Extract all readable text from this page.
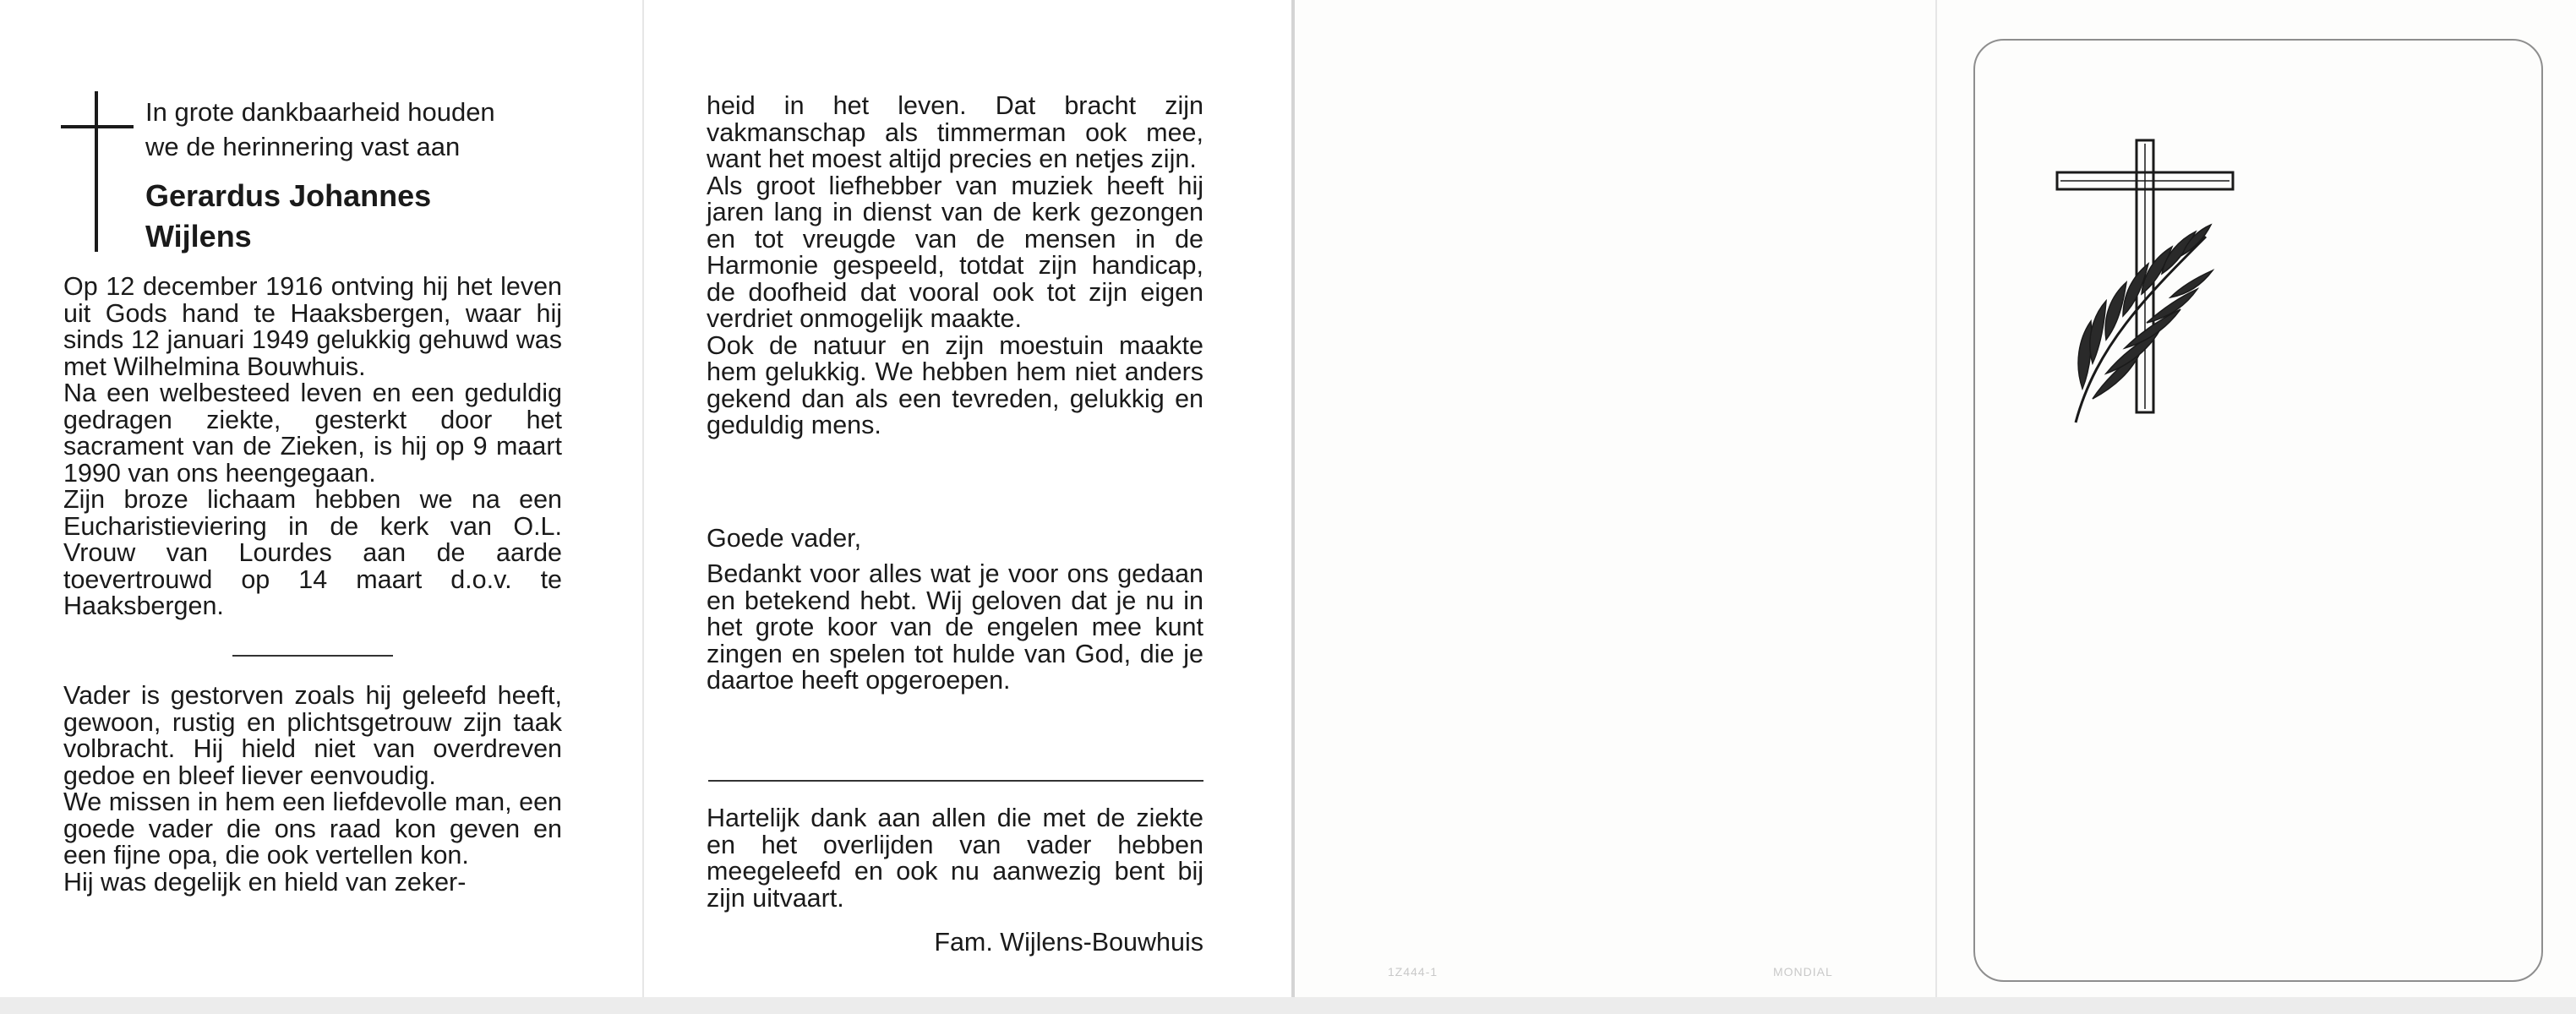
In grote dankbaarheid houden
we de herinnering vast aan
Gerardus Johannes
Wijlens

Op 12 december 1916 ontving hij het leven uit Gods hand te Haaksbergen, waar hij sinds 12 januari 1949 gelukkig gehuwd was met Wilhelmina Bouwhuis.

Na een welbesteed leven en een geduldig gedragen ziekte, gesterkt door het sacrament van de Zieken, is hij op 9 maart 1990 van ons heengegaan.

Zijn broze lichaam hebben we na een Eucharistieviering in de kerk van O.L. Vrouw van Lourdes aan de aarde toevertrouwd op 14 maart d.o.v. te Haaksbergen.

Vader is gestorven zoals hij geleefd heeft, gewoon, rustig en plichtsgetrouw zijn taak volbracht. Hij hield niet van overdreven gedoe en bleef liever eenvoudig.

We missen in hem een liefdevolle man, een goede vader die ons raad kon geven en een fijne opa, die ook vertellen kon.

Hij was degelijk en hield van zeker-

heid in het leven. Dat bracht zijn vakmanschap als timmerman ook mee, want het moest altijd precies en netjes zijn.

Als groot liefhebber van muziek heeft hij jaren lang in dienst van de kerk gezongen en tot vreugde van de mensen in de Harmonie gespeeld, totdat zijn handicap, de doofheid dat vooral ook tot zijn eigen verdriet onmogelijk maakte.

Ook de natuur en zijn moestuin maakte hem gelukkig. We hebben hem niet anders gekend dan als een tevreden, gelukkig en geduldig mens.

Goede vader,

Bedankt voor alles wat je voor ons gedaan en betekend hebt. Wij geloven dat je nu in het grote koor van de engelen mee kunt zingen en spelen tot hulde van God, die je daartoe heeft opgeroepen.

Hartelijk dank aan allen die met de ziekte en het overlijden van vader hebben meegeleefd en ook nu aanwezig bent bij zijn uitvaart.

Fam. Wijlens-Bouwhuis
1Z444-1	MONDIAL
